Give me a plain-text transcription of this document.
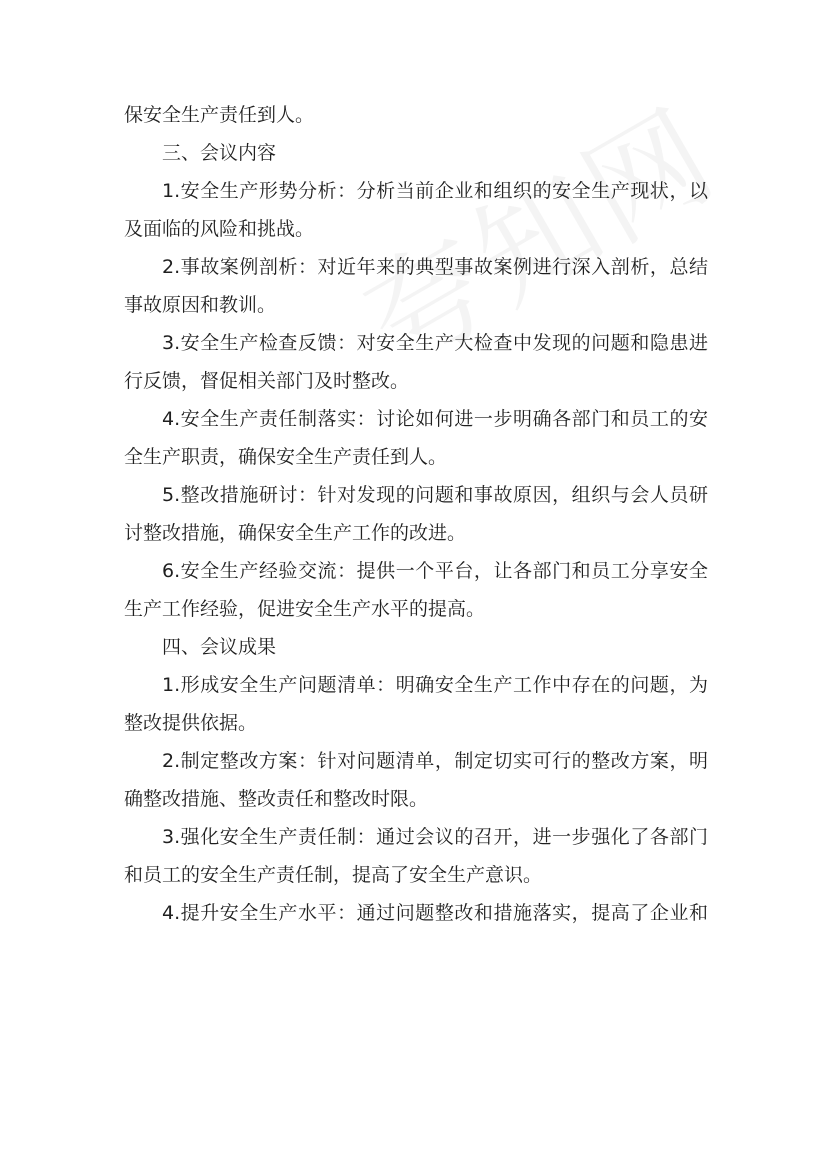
保安全生产责任到人。

三、会议内容

1.安全生产形势分析：分析当前企业和组织的安全生产现状，以
及面临的风险和挑战。

2.事故案例剖析：对近年来的典型事故案例进行深入剖析，总结
事故原因和教训。

3.安全生产检查反馈：对安全生产大检查中发现的问题和隐患进
行反馈，督促相关部门及时整改。

4.安全生产责任制落实：讨论如何进一步明确各部门和员工的安
全生产职责，确保安全生产责任到人。

5.整改措施研讨：针对发现的问题和事故原因，组织与会人员研
讨整改措施，确保安全生产工作的改进。

6.安全生产经验交流：提供一个平台，让各部门和员工分享安全
生产工作经验，促进安全生产水平的提高。

四、会议成果

1.形成安全生产问题清单：明确安全生产工作中存在的问题，为
整改提供依据。

2.制定整改方案：针对问题清单，制定切实可行的整改方案，明
确整改措施、整改责任和整改时限。

3.强化安全生产责任制：通过会议的召开，进一步强化了各部门
和员工的安全生产责任制，提高了安全生产意识。

4.提升安全生产水平：通过问题整改和措施落实，提高了企业和
